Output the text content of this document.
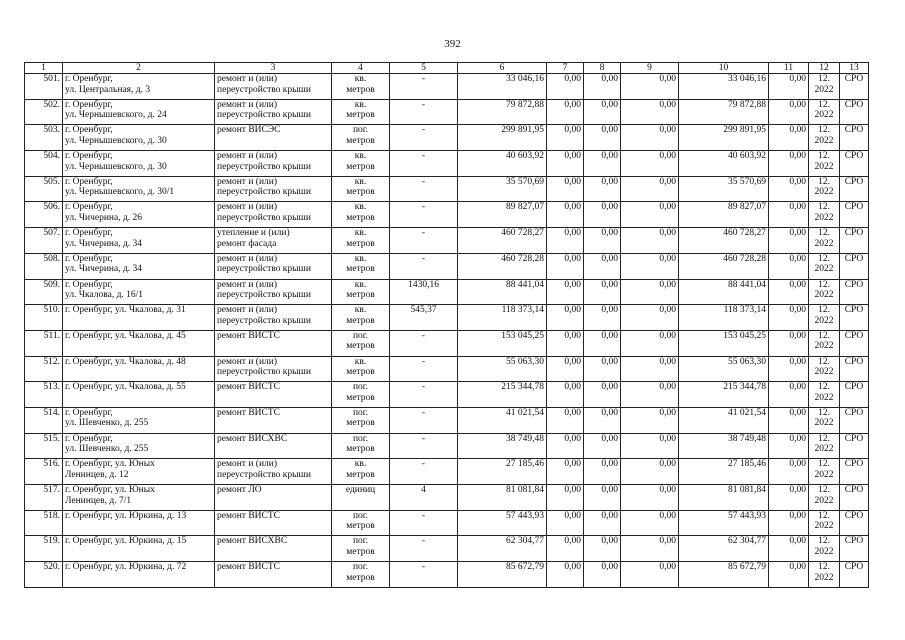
392
1	2	3	4	5	6	7	8	9	10	11	12	13
501.	г. Оренбург,
ул. Центральная, д. 3	ремонт и (или)
переустройство крыши	кв.
метров	-	33 046,16	0,00	0,00	0,00	33 046,16	0,00	12.
2022	СРО
502.	г. Оренбург,
ул. Чернышевского, д. 24	ремонт и (или)
переустройство крыши	кв.
метров	-	79 872,88	0,00	0,00	0,00	79 872,88	0,00	12.
2022	СРО
503.	г. Оренбург,
ул. Чернышевского, д. 30	ремонт ВИСЭС	пог.
метров	-	299 891,95	0,00	0,00	0,00	299 891,95	0,00	12.
2022	СРО
504.	г. Оренбург,
ул. Чернышевского, д. 30	ремонт и (или)
переустройство крыши	кв.
метров	-	40 603,92	0,00	0,00	0,00	40 603,92	0,00	12.
2022	СРО
505.	г. Оренбург,
ул. Чернышевского, д. 30/1	ремонт и (или)
переустройство крыши	кв.
метров	-	35 570,69	0,00	0,00	0,00	35 570,69	0,00	12.
2022	СРО
506.	г. Оренбург,
ул. Чичерина, д. 26	ремонт и (или)
переустройство крыши	кв.
метров	-	89 827,07	0,00	0,00	0,00	89 827,07	0,00	12.
2022	СРО
507.	г. Оренбург,
ул. Чичерина, д. 34	утепление и (или)
ремонт фасада	кв.
метров	-	460 728,27	0,00	0,00	0,00	460 728,27	0,00	12.
2022	СРО
508.	г. Оренбург,
ул. Чичерина, д. 34	ремонт и (или)
переустройство крыши	кв.
метров	-	460 728,28	0,00	0,00	0,00	460 728,28	0,00	12.
2022	СРО
509.	г. Оренбург,
ул. Чкалова, д. 16/1	ремонт и (или)
переустройство крыши	кв.
метров	1430,16	88 441,04	0,00	0,00	0,00	88 441,04	0,00	12.
2022	СРО
510.	г. Оренбург, ул. Чкалова, д. 31	ремонт и (или)
переустройство крыши	кв.
метров	545,37	118 373,14	0,00	0,00	0,00	118 373,14	0,00	12.
2022	СРО
511.	г. Оренбург, ул. Чкалова, д. 45	ремонт ВИСТС	пог.
метров	-	153 045,25	0,00	0,00	0,00	153 045,25	0,00	12.
2022	СРО
512.	г. Оренбург, ул. Чкалова, д. 48	ремонт и (или)
переустройство крыши	кв.
метров	-	55 063,30	0,00	0,00	0,00	55 063,30	0,00	12.
2022	СРО
513.	г. Оренбург, ул. Чкалова, д. 55	ремонт ВИСТС	пог.
метров	-	215 344,78	0,00	0,00	0,00	215 344,78	0,00	12.
2022	СРО
514.	г. Оренбург,
ул. Шевченко, д. 255	ремонт ВИСТС	пог.
метров	-	41 021,54	0,00	0,00	0,00	41 021,54	0,00	12.
2022	СРО
515.	г. Оренбург,
ул. Шевченко, д. 255	ремонт ВИСХВС	пог.
метров	-	38 749,48	0,00	0,00	0,00	38 749,48	0,00	12.
2022	СРО
516.	г. Оренбург, ул. Юных
Ленинцев, д. 12	ремонт и (или)
переустройство крыши	кв.
метров	-	27 185,46	0,00	0,00	0,00	27 185,46	0,00	12.
2022	СРО
517.	г. Оренбург, ул. Юных
Ленинцев, д. 7/1	ремонт ЛО	единиц	4	81 081,84	0,00	0,00	0,00	81 081,84	0,00	12.
2022	СРО
518.	г. Оренбург, ул. Юркина, д. 13	ремонт ВИСТС	пог.
метров	-	57 443,93	0,00	0,00	0,00	57 443,93	0,00	12.
2022	СРО
519.	г. Оренбург, ул. Юркина, д. 15	ремонт ВИСХВС	пог.
метров	-	62 304,77	0,00	0,00	0,00	62 304,77	0,00	12.
2022	СРО
520.	г. Оренбург, ул. Юркина, д. 72	ремонт ВИСТС	пог.
метров	-	85 672,79	0,00	0,00	0,00	85 672,79	0,00	12.
2022	СРО
